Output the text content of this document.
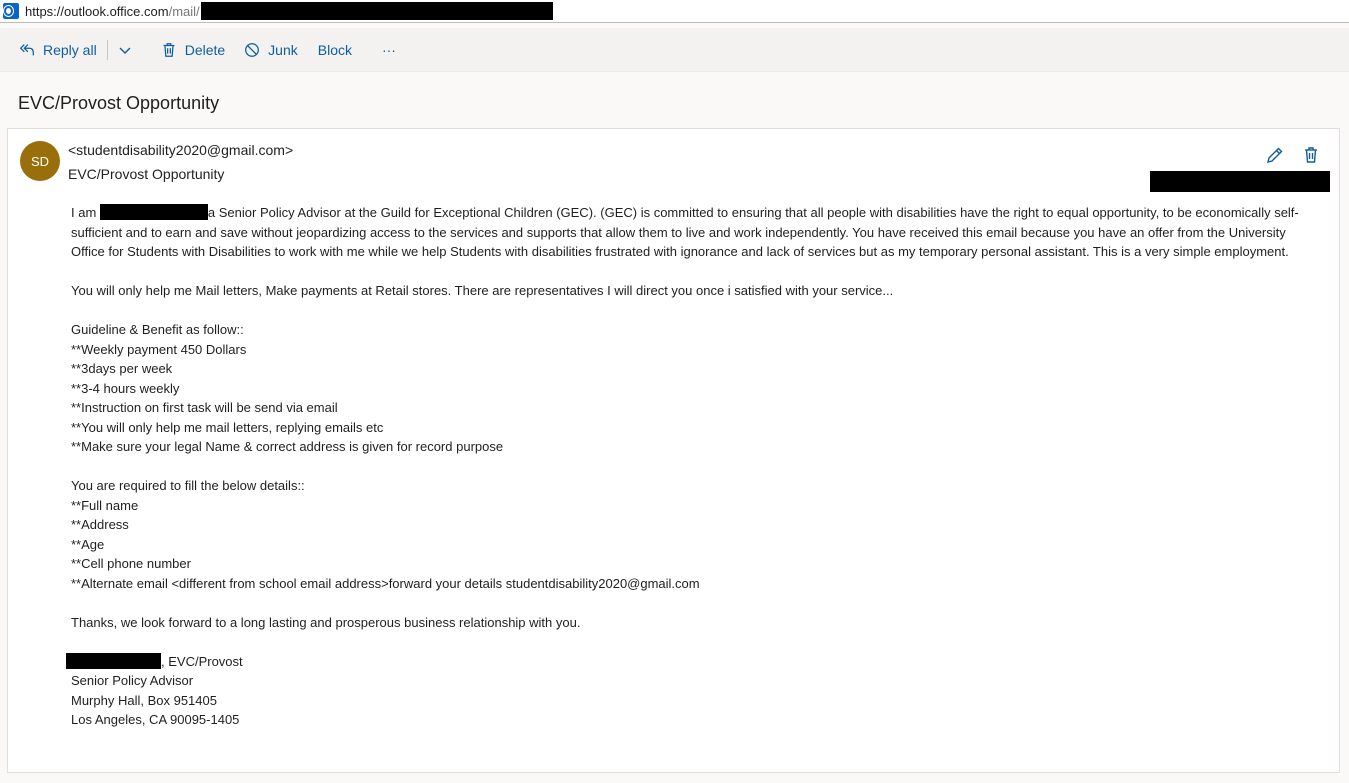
https://outlook.office.com/mail/
Reply all	Delete	Junk Block ···
EVC/Provost Opportunity
SD
<studentdisability2020@gmail.com>
EVC/Provost Opportunity

I am	a Senior Policy Advisor at the Guild for Exceptional Children (GEC). (GEC) is committed to ensuring that all people with disabilities have the right to equal opportunity, to be economically self-sufficient and to earn and save without jeopardizing access to the services and supports that allow them to live and work independently. You have received this email because you have an offer from the University Office for Students with Disabilities to work with me while we help Students with disabilities frustrated with ignorance and lack of services but as my temporary personal assistant. This is a very simple employment.

You will only help me Mail letters, Make payments at Retail stores. There are representatives I will direct you once i satisfied with your service...

Guideline & Benefit as follow::

**Weekly payment 450 Dollars

**3days per week

**3-4 hours weekly

**Instruction on first task will be send via email

**You will only help me mail letters, replying emails etc

**Make sure your legal Name & correct address is given for record purpose

You are required to fill the below details::

**Full name

**Address

**Age

**Cell phone number

**Alternate email <different from school email address>forward your details studentdisability2020@gmail.com

Thanks, we look forward to a long lasting and prosperous business relationship with you.

, EVC/Provost

Senior Policy Advisor

Murphy Hall, Box 951405

Los Angeles, CA 90095-1405
